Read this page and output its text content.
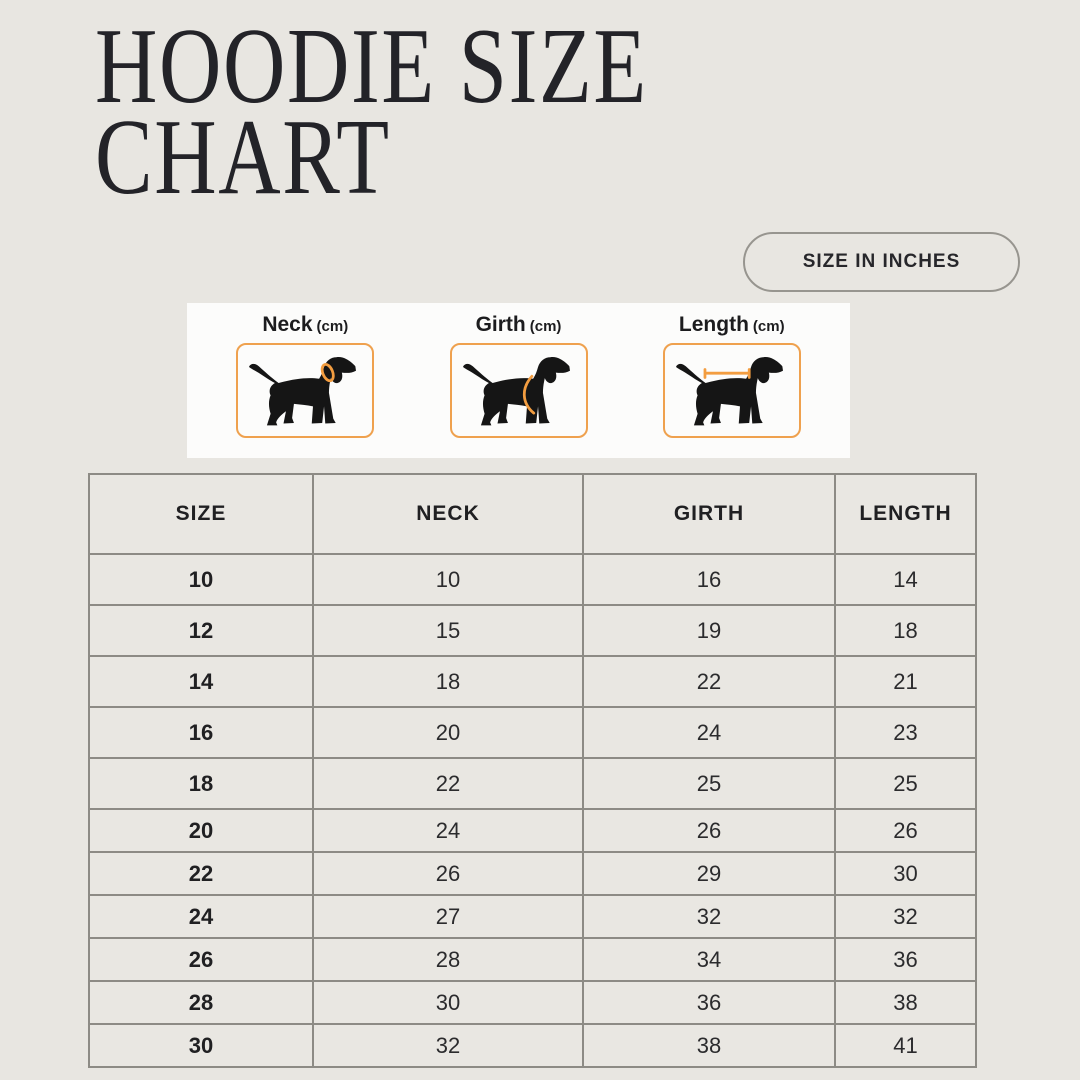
HOODIE SIZE CHART
SIZE IN INCHES
Neck (cm)	Girth (cm)	Length (cm)
SIZE	NECK	GIRTH	LENGTH
10	10	16	14
12	15	19	18
14	18	22	21
16	20	24	23
18	22	25	25
20	24	26	26
22	26	29	30
24	27	32	32
26	28	34	36
28	30	36	38
30	32	38	41
